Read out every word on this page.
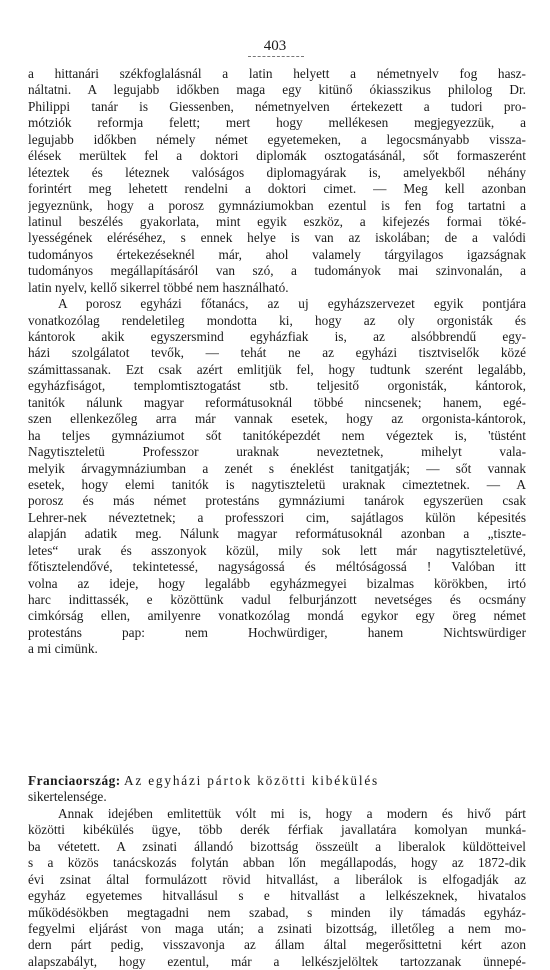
403
a hittanári székfoglalásnál a latin helyett a németnyelv fog hasz-
náltatni. A legujabb időkben maga egy kitünő ókiasszikus philolog Dr.
Philippi tanár is Giessenben, németnyelven értekezett a tudori pro-
mótziók reformja felett; mert hogy mellékesen megjegyezzük, a
legujabb időkben némely német egyetemeken, a legocsmányabb vissza-
élések merültek fel a doktori diplomák osztogatásánál, sőt formaszerént
léteztek és léteznek valóságos diplomagyárak is, amelyekből néhány
forintért meg lehetett rendelni a doktori cimet. — Meg kell azonban
jegyeznünk, hogy a porosz gymnáziumokban ezentul is fen fog tartatni a
latinul beszélés gyakorlata, mint egyik eszköz, a kifejezés formai töké-
lyességének eléréséhez, s ennek helye is van az iskolában; de a valódi
tudományos értekezéseknél már, ahol valamely tárgyilagos igazságnak
tudományos megállapításáról van szó, a tudományok mai szinvonalán, a
latin nyelv, kellő sikerrel többé nem használható.
A porosz egyházi főtanács, az uj egyházszervezet egyik pontjára
vonatkozólag rendeletileg mondotta ki, hogy az oly orgonisták és
kántorok akik egyszersmind egyházfiak is, az alsóbbrendű egy-
házi szolgálatot tevők, — tehát ne az egyházi tisztviselők közé
számittassanak. Ezt csak azért emlitjük fel, hogy tudtunk szerént legalább,
egyházfiságot, templomtisztogatást stb. teljesitő orgonisták, kántorok,
tanitók nálunk magyar reformátusoknál többé nincsenek; hanem, egé-
szen ellenkezőleg arra már vannak esetek, hogy az orgonista-kántorok,
ha teljes gymnáziumot sőt tanitóképezdét nem végeztek is, 'tüstént
Nagytiszteletü Professzor uraknak neveztetnek, mihelyt vala-
melyik árvagymnáziumban a zenét s éneklést tanitgatják; — sőt vannak
esetek, hogy elemi tanitók is nagytiszteletü uraknak cimeztetnek. — A
porosz és más német protestáns gymnáziumi tanárok egyszerüen csak
Lehrer-nek néveztetnek; a professzori cim, sajátlagos külön képesités
alapján adatik meg. Nálunk magyar reformátusoknál azonban a „tiszte-
letes“ urak és asszonyok közül, mily sok lett már nagytiszteletüvé,
főtisztelendővé, tekintetessé, nagyságossá és méltóságossá ! Valóban itt
volna az ideje, hogy legalább egyházmegyei bizalmas körökben, irtó
harc indittassék, e közöttünk vadul felburjánzott nevetséges és ocsmány
cimkórság ellen, amilyenre vonatkozólag mondá egykor egy öreg német
protestáns pap: nem Hochwürdiger, hanem Nichtswürdiger
a mi cimünk.
Franciaország: Az egyházi pártok közötti kibékülés
sikertelensége.
Annak idejében emlitettük vólt mi is, hogy a modern és hivő párt
közötti kibékülés ügye, több derék férfiak javallatára komolyan munká-
ba vétetett. A zsinati állandó bizottság összeült a liberalok küldötteivel
s a közös tanácskozás folytán abban lőn megállapodás, hogy az 1872-dik
évi zsinat által formulázott rövid hitvallást, a liberálok is elfogadják az
egyház egyetemes hitvallásul s e hitvallást a lelkészeknek, hivatalos
működésökben megtagadni nem szabad, s minden ily támadás egyház-
fegyelmi eljárást von maga után; a zsinati bizottság, illetőleg a nem mo-
dern párt pedig, visszavonja az állam által megerősittetni kért azon
alapszabályt, hogy ezentul, már a lelkészjelöltek tartozzanak ünnepé-
